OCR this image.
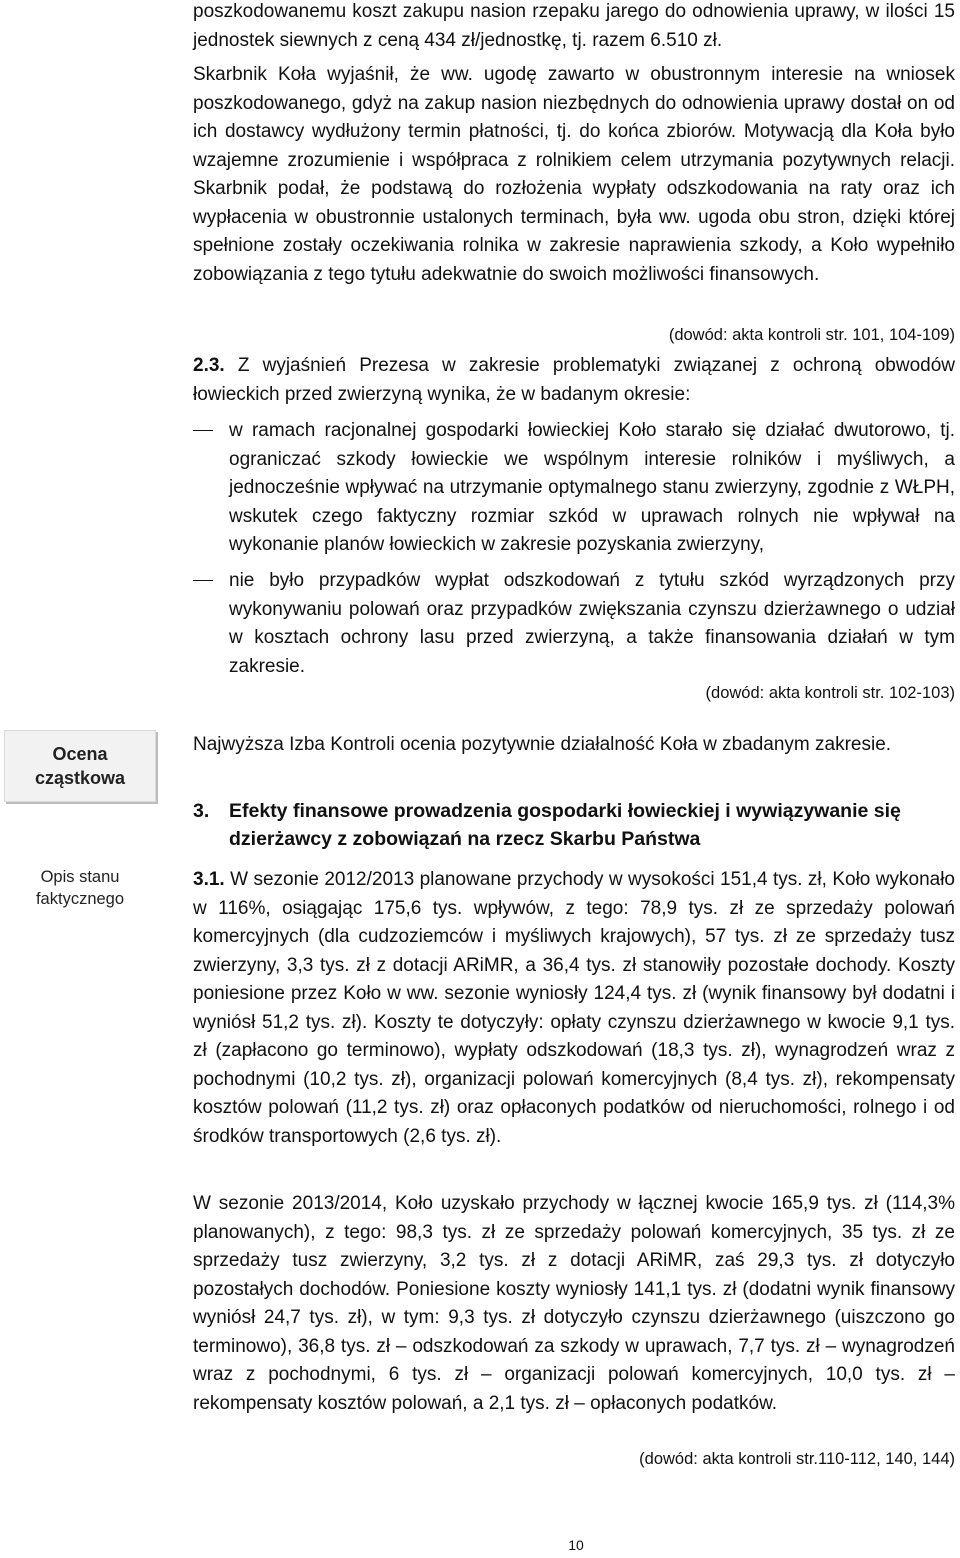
poszkodowanemu koszt zakupu nasion rzepaku jarego do odnowienia uprawy, w ilości 15 jednostek siewnych z ceną 434 zł/jednostkę, tj. razem 6.510 zł.

Skarbnik Koła wyjaśnił, że ww. ugodę zawarto w obustronnym interesie na wniosek poszkodowanego, gdyż na zakup nasion niezbędnych do odnowienia uprawy dostał on od ich dostawcy wydłużony termin płatności, tj. do końca zbiorów. Motywacją dla Koła było wzajemne zrozumienie i współpraca z rolnikiem celem utrzymania pozytywnych relacji. Skarbnik podał, że podstawą do rozłożenia wypłaty odszkodowania na raty oraz ich wypłacenia w obustronnie ustalonych terminach, była ww. ugoda obu stron, dzięki której spełnione zostały oczekiwania rolnika w zakresie naprawienia szkody, a Koło wypełniło zobowiązania z tego tytułu adekwatnie do swoich możliwości finansowych.

(dowód: akta kontroli str. 101, 104-109)

2.3. Z wyjaśnień Prezesa w zakresie problematyki związanej z ochroną obwodów łowieckich przed zwierzyną wynika, że w badanym okresie:

w ramach racjonalnej gospodarki łowieckiej Koło starało się działać dwutorowo, tj. ograniczać szkody łowieckie we wspólnym interesie rolników i myśliwych, a jednocześnie wpływać na utrzymanie optymalnego stanu zwierzyny, zgodnie z WŁPH, wskutek czego faktyczny rozmiar szkód w uprawach rolnych nie wpływał na wykonanie planów łowieckich w zakresie pozyskania zwierzyny,
nie było przypadków wypłat odszkodowań z tytułu szkód wyrządzonych przy wykonywaniu polowań oraz przypadków zwiększania czynszu dzierżawnego o udział w kosztach ochrony lasu przed zwierzyną, a także finansowania działań w tym zakresie.
(dowód: akta kontroli str. 102-103)
Ocena cząstkowa

Najwyższa Izba Kontroli ocenia pozytywnie działalność Koła w zbadanym zakresie.

3. Efekty finansowe prowadzenia gospodarki łowieckiej i wywiązywanie się dzierżawcy z zobowiązań na rzecz Skarbu Państwa
Opis stanu faktycznego

3.1. W sezonie 2012/2013 planowane przychody w wysokości 151,4 tys. zł, Koło wykonało w 116%, osiągając 175,6 tys. wpływów, z tego: 78,9 tys. zł ze sprzedaży polowań komercyjnych (dla cudzoziemców i myśliwych krajowych), 57 tys. zł ze sprzedaży tusz zwierzyny, 3,3 tys. zł z dotacji ARiMR, a 36,4 tys. zł stanowiły pozostałe dochody. Koszty poniesione przez Koło w ww. sezonie wyniosły 124,4 tys. zł (wynik finansowy był dodatni i wyniósł 51,2 tys. zł). Koszty te dotyczyły: opłaty czynszu dzierżawnego w kwocie 9,1 tys. zł (zapłacono go terminowo), wypłaty odszkodowań (18,3 tys. zł), wynagrodzeń wraz z pochodnymi (10,2 tys. zł), organizacji polowań komercyjnych (8,4 tys. zł), rekompensaty kosztów polowań (11,2 tys. zł) oraz opłaconych podatków od nieruchomości, rolnego i od środków transportowych (2,6 tys. zł).

W sezonie 2013/2014, Koło uzyskało przychody w łącznej kwocie 165,9 tys. zł (114,3% planowanych), z tego: 98,3 tys. zł ze sprzedaży polowań komercyjnych, 35 tys. zł ze sprzedaży tusz zwierzyny, 3,2 tys. zł z dotacji ARiMR, zaś 29,3 tys. zł dotyczyło pozostałych dochodów. Poniesione koszty wyniosły 141,1 tys. zł (dodatni wynik finansowy wyniósł 24,7 tys. zł), w tym: 9,3 tys. zł dotyczyło czynszu dzierżawnego (uiszczono go terminowo), 36,8 tys. zł – odszkodowań za szkody w uprawach, 7,7 tys. zł – wynagrodzeń wraz z pochodnymi, 6 tys. zł – organizacji polowań komercyjnych, 10,0 tys. zł – rekompensaty kosztów polowań, a 2,1 tys. zł – opłaconych podatków.

(dowód: akta kontroli str.110-112, 140, 144)
10
